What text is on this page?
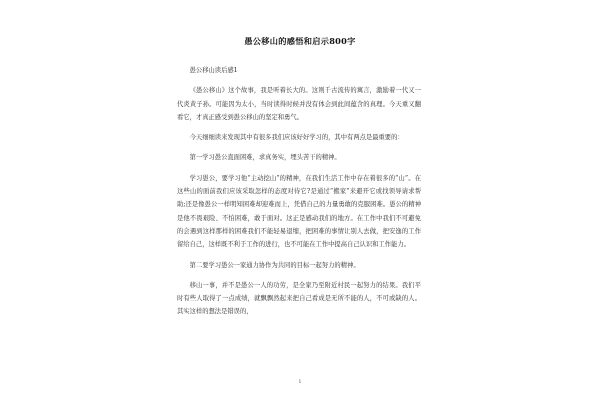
愚公移山的感悟和启示800字

愚公移山读后感1

《愚公移山》这个故事，我是听着长大的。这则千古流传的寓言，激励着一代又一代炎黄子孙。可能因为太小，当时读得时候并没有体会到此间蕴含的真理。今天重又翻看它，才真正感受到愚公移山的坚定和勇气。

今天细细读来发现其中有很多我们应该好好学习的，其中有两点是最重要的：

第一学习愚公直面困难，求真务实，埋头苦干的精神。

学习愚公，要学习他“主动挖山”的精神，在我们生活工作中存在着很多的“山”。在这些山的面前我们应该采取怎样的态度对待它?是通过“搬家”来避开它或找领导请求帮助;还是像愚公一样明知困难却迎难而上，凭借自己的力量勇敢的克服困难。愚公的精神是他不畏艰险、不怕困难，敢于面对。这正是感动我们的地方。在工作中我们不可避免的会遇到这样那样的困难我们不能轻易退缩，把困难的事情让别人去做，把安逸的工作留给自己，这样既不利于工作的进行，也不可能在工作中提高自己认识和工作能力。

第二要学习愚公一家通力协作为共同的目标一起努力的精神。

移山一事，并不是愚公一人的功劳，是全家乃至附近村民一起努力的结果。我们平时有些人取得了一点成绩，就飘飘然起来把自己看成是无所不能的人，不可或缺的人。其实这样的想法是错误的，

1
